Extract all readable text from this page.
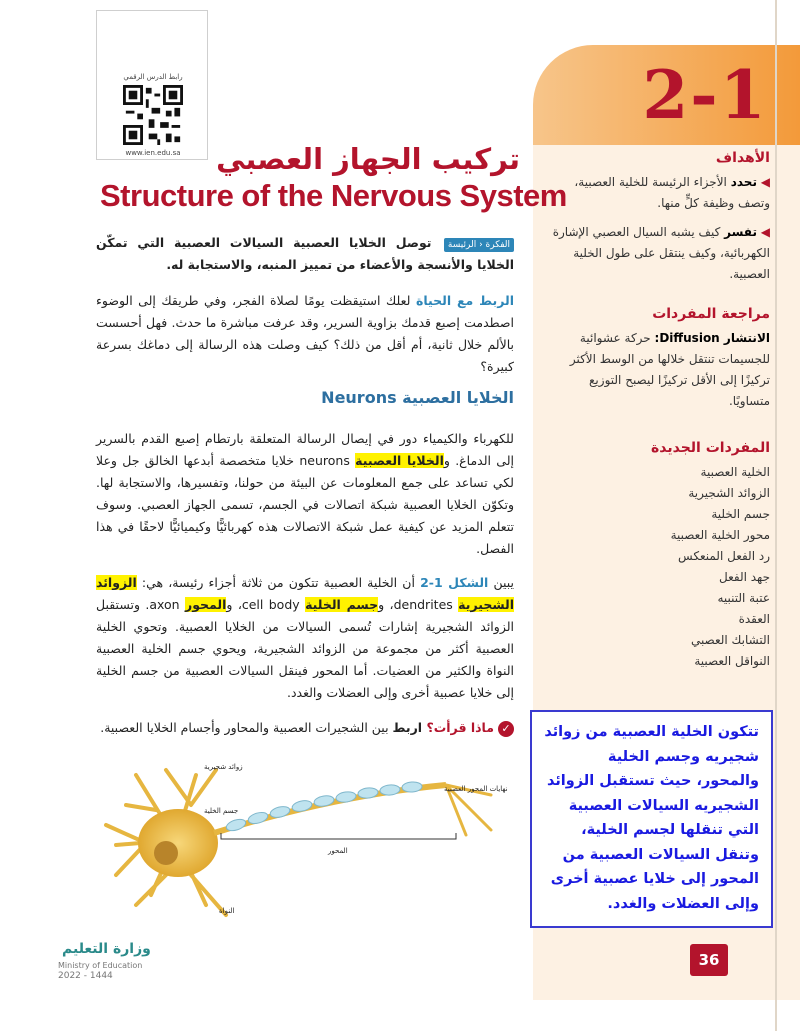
2-1
رابط الدرس الرقمي
www.ien.edu.sa	تركيب الجهاز العصبي
Structure of the Nervous System
الأهداف
◀ تحدد الأجزاء الرئيسة للخلية العصبية، وتصف وظيفة كلٍّ منها.
◀ تفسر كيف يشبه السيال العصبي الإشارة الكهربائية، وكيف ينتقل على طول الخلية العصبية.
مراجعة المفردات
الانتشار Diffusion: حركة عشوائية للجسيمات تنتقل خلالها من الوسط الأكثر تركيزًا إلى الأقل تركيزًا ليصبح التوزيع متساويًا.
المفردات الجديدة
الخلية العصبية
الزوائد الشجيرية
جسم الخلية
محور الخلية العصبية
رد الفعل المنعكس
جهد الفعل
عتبة التنبيه
العقدة
التشابك العصبي
النواقل العصبية
الفكرة ‹ الرئيسة توصل الخلايا العصبية السيالات العصبية التي تمكّن الخلايا والأنسجة والأعضاء من تمييز المنبه، والاستجابة له.
الربط مع الحياة لعلك استيقظت يومًا لصلاة الفجر، وفي طريقك إلى الوضوء اصطدمت إصبع قدمك بزاوية السرير، وقد عرفت مباشرة ما حدث. فهل أحسست بالألم خلال ثانية، أم أقل من ذلك؟ كيف وصلت هذه الرسالة إلى دماغك بسرعة كبيرة؟
الخلايا العصبية Neurons
للكهرباء والكيمياء دور في إيصال الرسالة المتعلقة بارتطام إصبع القدم بالسرير إلى الدماغ. والخلايا العصبية neurons خلايا متخصصة أبدعها الخالق جل وعلا لكي تساعد على جمع المعلومات عن البيئة من حولنا، وتفسيرها، والاستجابة لها. وتكوّن الخلايا العصبية شبكة اتصالات في الجسم، تسمى الجهاز العصبي. وسوف تتعلم المزيد عن كيفية عمل شبكة الاتصالات هذه كهربائيًّا وكيميائيًّا لاحقًا في هذا الفصل.
يبين الشكل 1-2 أن الخلية العصبية تتكون من ثلاثة أجزاء رئيسة، هي: الزوائد الشجيرية dendrites، وجسم الخلية cell body، والمحور axon. وتستقبل الزوائد الشجيرية إشارات تُسمى السيالات من الخلايا العصبية. وتحوي الخلية العصبية أكثر من مجموعة من الزوائد الشجيرية، ويحوي جسم الخلية العصبية النواة والكثير من العضيات. أما المحور فينقل السيالات العصبية من جسم الخلية إلى خلايا عصبية أخرى وإلى العضلات والغدد.
✓ماذا قرأت؟ اربط بين الشجيرات العصبية والمحاور وأجسام الخلايا العصبية.
زوائد شجيرية
جسم الخلية
النواة
المحور
نهايات المحور العصبية
تتكون الخلية العصبية من زوائد شجيريه وجسم الخلية والمحور، حيث تستقبل الزوائد الشجيريه السيالات العصبية التي تنقلها لجسم الخلية، وتنقل السيالات العصبية من المحور إلى خلايا عصبية أخرى وإلى العضلات والغدد.
وزارة التعليم
Ministry of Education
2022 - 1444
36
